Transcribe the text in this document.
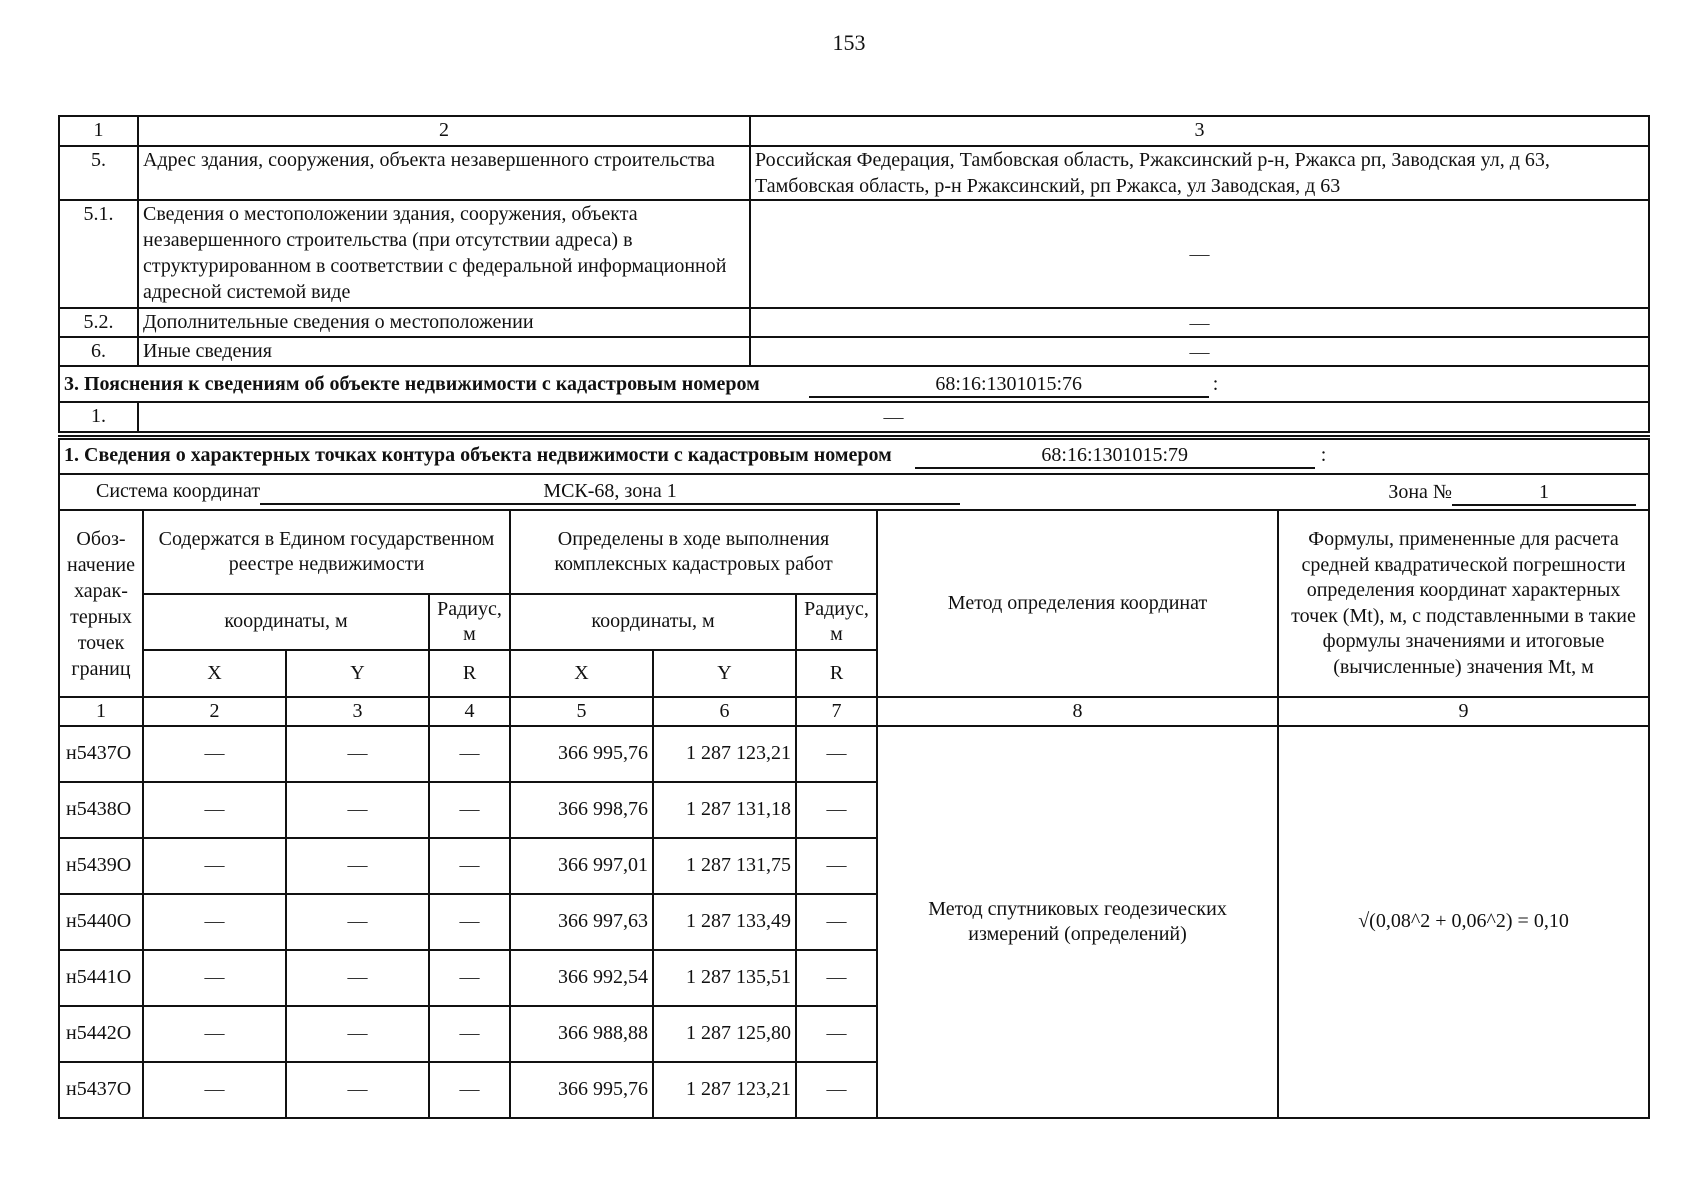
153
1	2	3
5.	Адрес здания, сооружения, объекта незавершенного строительства	Российская Федерация, Тамбовская область, Ржаксинский р-н, Ржакса рп, Заводская ул, д 63, Тамбовская область, р-н Ржаксинский, рп Ржакса, ул Заводская, д 63
5.1.	Сведения о местоположении здания, сооружения, объекта незавершенного строительства (при отсутствии адреса) в структурированном в соответствии с федеральной информационной адресной системой виде	—
5.2.	Дополнительные сведения о местоположении	—
6.	Иные сведения	—
3. Пояснения к сведениям об объекте недвижимости с кадастровым номером 68:16:1301015:76 :		
1.	—	
1. Сведения о характерных точках контура объекта недвижимости с кадастровым номером	68:16:1301015:79	:
Система координат	МСК-68, зона 1	Зона №	1
Обоз-начение харак-терных точек границ	Содержатся в Едином государственном реестре недвижимости			Определены в ходе выполнения комплексных кадастровых работ			Метод определения координат	Формулы, примененные для расчета средней квадратической погрешности определения координат характерных точек (Mt), м, с подставленными в такие формулы значениями и итоговые (вычисленные) значения Mt, м
	координаты, м		Радиус, м	координаты, м		Радиус, м		
	X	Y	R	X	Y	R		
1	2	3	4	5	6	7	8	9
н5437О	—	—	—	366 995,76	1 287 123,21	—	Метод спутниковых геодезических измерений (определений)	√(0,08^2 + 0,06^2) = 0,10
н5438О	—	—	—	366 998,76	1 287 131,18	—		
н5439О	—	—	—	366 997,01	1 287 131,75	—		
н5440О	—	—	—	366 997,63	1 287 133,49	—		
н5441О	—	—	—	366 992,54	1 287 135,51	—		
н5442О	—	—	—	366 988,88	1 287 125,80	—		
н5437О	—	—	—	366 995,76	1 287 123,21	—		
